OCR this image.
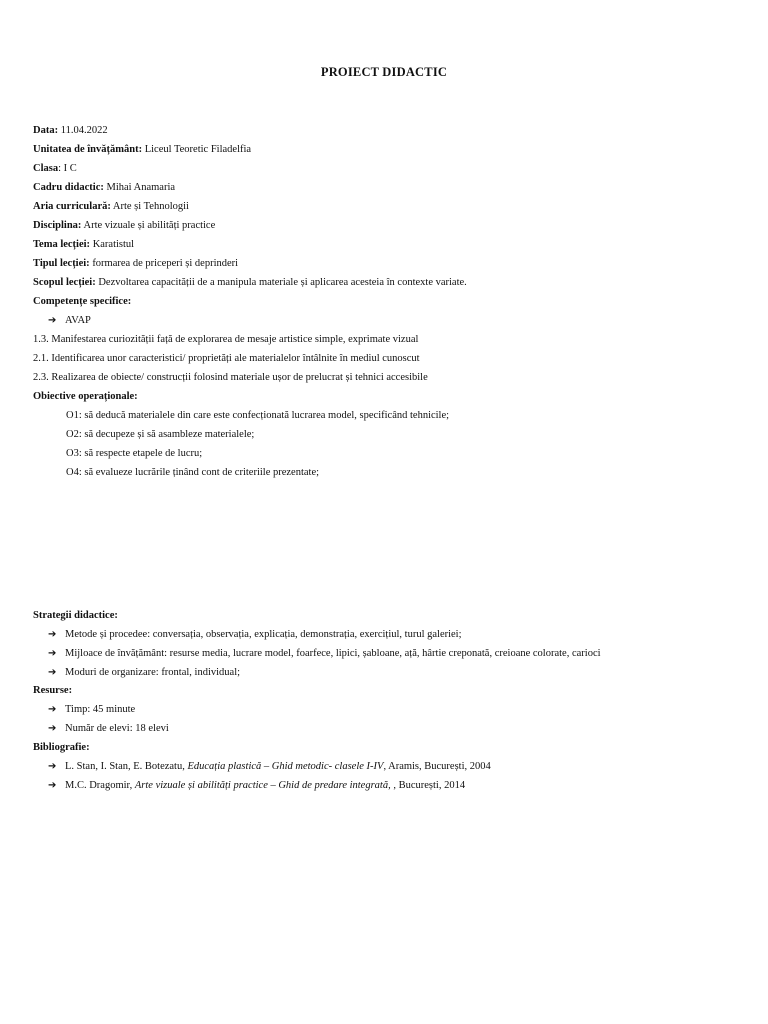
PROIECT DIDACTIC
Data: 11.04.2022
Unitatea de învățământ: Liceul Teoretic Filadelfia
Clasa: I C
Cadru didactic: Mihai Anamaria
Aria curriculară: Arte și Tehnologii
Disciplina: Arte vizuale și abilități practice
Tema lecției: Karatistul
Tipul lecției: formarea de priceperi și deprinderi
Scopul lecției: Dezvoltarea capacității de a manipula materiale și aplicarea acesteia în contexte variate.
Competențe specifice:
➔ AVAP
1.3. Manifestarea curiozității față de explorarea de mesaje artistice simple, exprimate vizual
2.1. Identificarea unor caracteristici/ proprietăți ale materialelor întâlnite în mediul cunoscut
2.3. Realizarea de obiecte/ construcții folosind materiale ușor de prelucrat și tehnici accesibile
Obiective operaționale:
O1: să deducă materialele din care este confecționată lucrarea model, specificând tehnicile;
O2: să decupeze și să asambleze materialele;
O3: să respecte etapele de lucru;
O4: să evalueze lucrările ținând cont de criteriile prezentate;
Strategii didactice:
➔ Metode și procedee: conversația, observația, explicația, demonstrația, exercițiul, turul galeriei;
➔ Mijloace de învățământ: resurse media, lucrare model, foarfece, lipici, șabloane, ață, hârtie creponată, creioane colorate, carioci
➔ Moduri de organizare: frontal, individual;
Resurse:
➔ Timp: 45 minute
➔ Număr de elevi: 18 elevi
Bibliografie:
➔ L. Stan, I. Stan, E. Botezatu, Educația plastică – Ghid metodic- clasele I-IV, Aramis, București, 2004
➔ M.C. Dragomir, Arte vizuale și abilități practice – Ghid de predare integrată, , București, 2014
